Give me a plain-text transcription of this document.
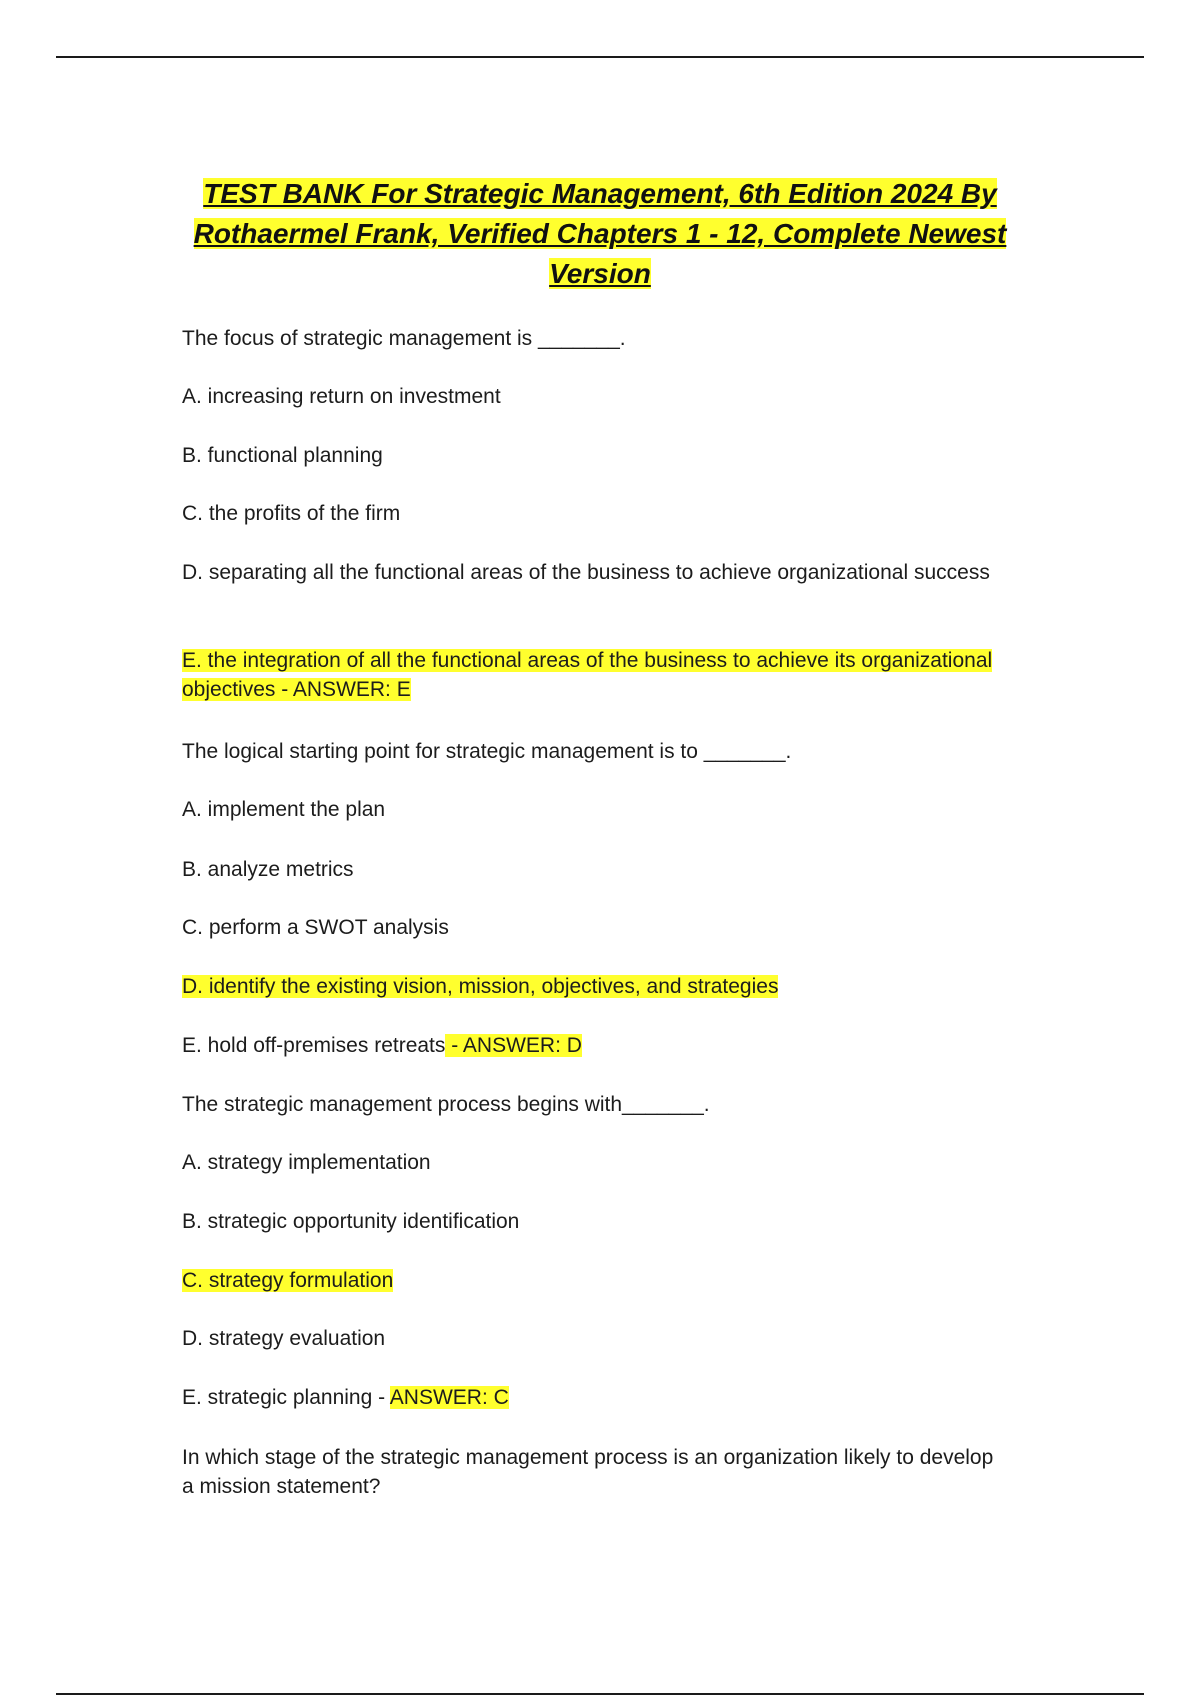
TEST BANK For Strategic Management, 6th Edition 2024 By Rothaermel Frank, Verified Chapters 1 - 12, Complete Newest Version

The focus of strategic management is _______.

A. increasing return on investment

B. functional planning

C. the profits of the firm

D. separating all the functional areas of the business to achieve organizational success

E. the integration of all the functional areas of the business to achieve its organizational objectives - ANSWER: E

The logical starting point for strategic management is to _______.

A. implement the plan

B. analyze metrics

C. perform a SWOT analysis

D. identify the existing vision, mission, objectives, and strategies

E. hold off-premises retreats - ANSWER: D

The strategic management process begins with_______.

A. strategy implementation

B. strategic opportunity identification

C. strategy formulation

D. strategy evaluation

E. strategic planning - ANSWER: C

In which stage of the strategic management process is an organization likely to develop a mission statement?
